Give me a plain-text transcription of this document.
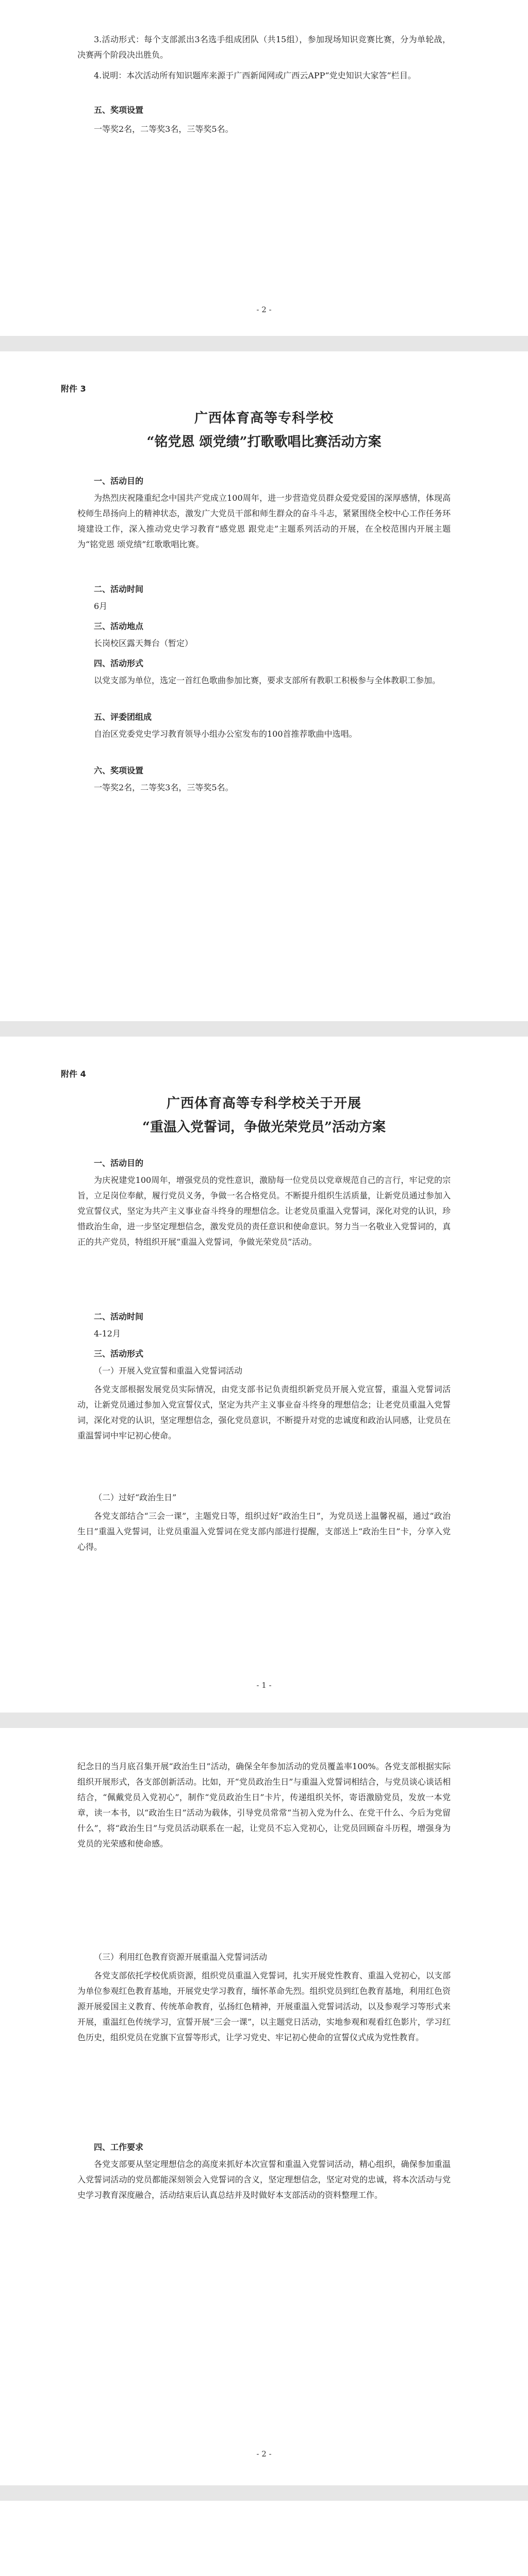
3.活动形式：每个支部派出3名选手组成团队（共15组），参加现场知识竞赛比赛，分为单轮战，决赛两个阶段决出胜负。
4.说明：本次活动所有知识题库来源于广西新闻网或广西云APP“党史知识大家答”栏目。
五、奖项设置
一等奖2名，二等奖3名，三等奖5名。
- 2 -
附件 3
广西体育高等专科学校
“铭党恩 颂党绩”打歌歌唱比赛活动方案
一、活动目的
为热烈庆祝隆重纪念中国共产党成立100周年，进一步营造党员群众爱党爱国的深厚感情，体现高校师生昂扬向上的精神状态，激发广大党员干部和师生群众的奋斗斗志，紧紧围绕全校中心工作任务环境建设工作，深入推动党史学习教育“感党恩 跟党走”主题系列活动的开展，在全校范围内开展主题为“铭党恩 颂党绩”红歌歌唱比赛。
二、活动时间
6月
三、活动地点
长岗校区露天舞台（暂定）
四、活动形式
以党支部为单位，选定一首红色歌曲参加比赛，要求支部所有教职工积极参与全体教职工参加。
五、评委团组成
自治区党委党史学习教育领导小组办公室发布的100首推荐歌曲中选唱。
六、奖项设置
一等奖2名，二等奖3名，三等奖5名。
附件 4
广西体育高等专科学校关于开展
“重温入党誓词，争做光荣党员”活动方案
一、活动目的
为庆祝建党100周年，增强党员的党性意识，激励每一位党员以党章规范自己的言行，牢记党的宗旨，立足岗位奉献，履行党员义务，争做一名合格党员。不断提升组织生活质量，让新党员通过参加入党宣誓仪式，坚定为共产主义事业奋斗终身的理想信念。让老党员重温入党誓词，深化对党的认识，珍惜政治生命，进一步坚定理想信念，激发党员的责任意识和使命意识。努力当一名敬业入党誓词的，真正的共产党员，特组织开展“重温入党誓词，争做光荣党员”活动。
二、活动时间
4-12月
三、活动形式
（一）开展入党宣誓和重温入党誓词活动
各党支部根据发展党员实际情况，由党支部书记负责组织新党员开展入党宣誓，重温入党誓词活动，让新党员通过参加入党宣誓仪式，坚定为共产主义事业奋斗终身的理想信念；让老党员重温入党誓词，深化对党的认识，坚定理想信念，强化党员意识，不断提升对党的忠诚度和政治认同感，让党员在重温誓词中牢记初心使命。
（二）过好“政治生日”
各党支部结合“三会一课”，主题党日等，组织过好“政治生日”，为党员送上温馨祝福，通过“政治生日”重温入党誓词，让党员重温入党誓词在党支部内部进行提醒，支部送上“政治生日”卡，分享入党心得。
- 1 -
纪念日的当月底召集开展“政治生日”活动，确保全年参加活动的党员覆盖率100%。各党支部根据实际组织开展形式，各支部创新活动。比如，开“党员政治生日”与重温入党誓词相结合，与党员谈心谈话相结合，“佩戴党员入党初心”，制作“党员政治生日”卡片，传递组织关怀，寄语激励党员，发放一本党章，读一本书，以“政治生日”活动为载体，引导党员常常“当初入党为什么、在党干什么、今后为党留什么”，将“政治生日”与党员活动联系在一起，让党员不忘入党初心，让党员回顾奋斗历程，增强身为党员的光荣感和使命感。
（三）利用红色教育资源开展重温入党誓词活动
各党支部依托学校优质资源，组织党员重温入党誓词，扎实开展党性教育、重温入党初心，以支部为单位参观红色教育基地，开展党史学习教育，缅怀革命先烈。组织党员到红色教育基地，利用红色资源开展爱国主义教育、传统革命教育，弘扬红色精神，开展重温入党誓词活动，以及参观学习等形式来开展，重温红色传统学习，宣誓开展“三会一课”，以主题党日活动，实地参观和观看红色影片，学习红色历史，组织党员在党旗下宣誓等形式，让学习党史、牢记初心使命的宣誓仪式成为党性教育。
四、工作要求
各党支部要从坚定理想信念的高度来抓好本次宣誓和重温入党誓词活动，精心组织，确保参加重温入党誓词活动的党员都能深刻领会入党誓词的含义，坚定理想信念，坚定对党的忠诚，将本次活动与党史学习教育深度融合，活动结束后认真总结并及时做好本支部活动的资料整理工作。
- 2 -
